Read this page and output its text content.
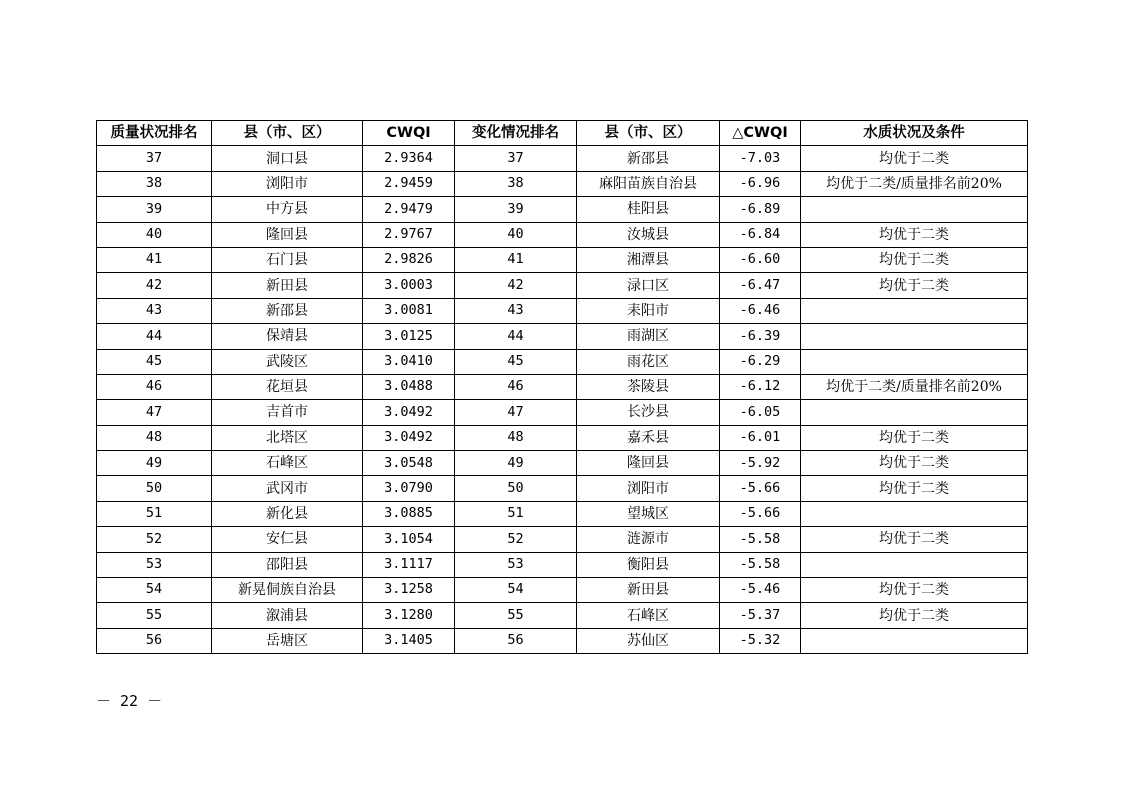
质量状况排名	县（市、区）	CWQI	变化情况排名	县（市、区）	△CWQI	水质状况及条件
37	洞口县	2.9364	37	新邵县	-7.03	均优于二类
38	浏阳市	2.9459	38	麻阳苗族自治县	-6.96	均优于二类/质量排名前20%
39	中方县	2.9479	39	桂阳县	-6.89	
40	隆回县	2.9767	40	汝城县	-6.84	均优于二类
41	石门县	2.9826	41	湘潭县	-6.60	均优于二类
42	新田县	3.0003	42	渌口区	-6.47	均优于二类
43	新邵县	3.0081	43	耒阳市	-6.46	
44	保靖县	3.0125	44	雨湖区	-6.39	
45	武陵区	3.0410	45	雨花区	-6.29	
46	花垣县	3.0488	46	茶陵县	-6.12	均优于二类/质量排名前20%
47	吉首市	3.0492	47	长沙县	-6.05	
48	北塔区	3.0492	48	嘉禾县	-6.01	均优于二类
49	石峰区	3.0548	49	隆回县	-5.92	均优于二类
50	武冈市	3.0790	50	浏阳市	-5.66	均优于二类
51	新化县	3.0885	51	望城区	-5.66	
52	安仁县	3.1054	52	涟源市	-5.58	均优于二类
53	邵阳县	3.1117	53	衡阳县	-5.58	
54	新晃侗族自治县	3.1258	54	新田县	-5.46	均优于二类
55	溆浦县	3.1280	55	石峰区	-5.37	均优于二类
56	岳塘区	3.1405	56	苏仙区	-5.32	
－ 22 －
